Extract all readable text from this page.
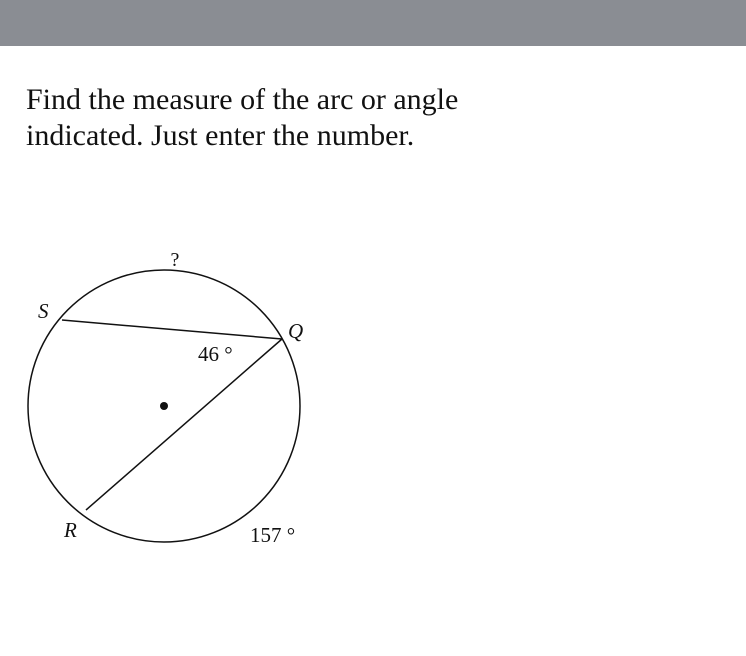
Find the measure of the arc or angle
indicated. Just enter the number.
?
S
Q
R
46 °
157 °
